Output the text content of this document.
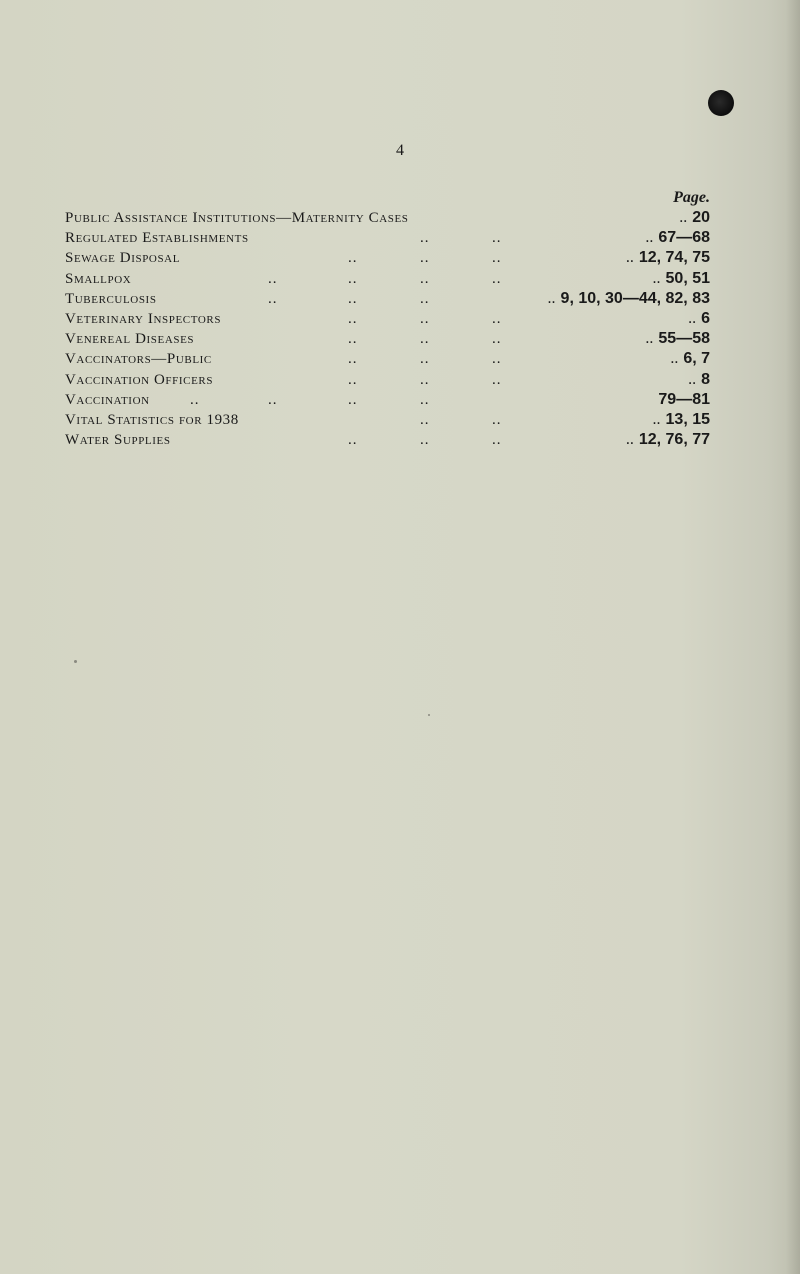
4
Page.
Public Assistance Institutions—Maternity Cases	.. 20
Regulated Establishments	..	..	.. 67—68
Sewage Disposal	..	..	..	.. 12, 74, 75
Smallpox	..	..	..	..	.. 50, 51
Tuberculosis	..	..	..	.. 9, 10, 30—44, 82, 83
Veterinary Inspectors	..	..	..	.. 6
Venereal Diseases	..	..	..	.. 55—58
Vaccinators—Public	..	..	..	.. 6, 7
Vaccination Officers	..	..	..	.. 8
Vaccination	..	..	..	..	79—81
Vital Statistics for 1938	..	..	.. 13, 15
Water Supplies	..	..	..	.. 12, 76, 77
